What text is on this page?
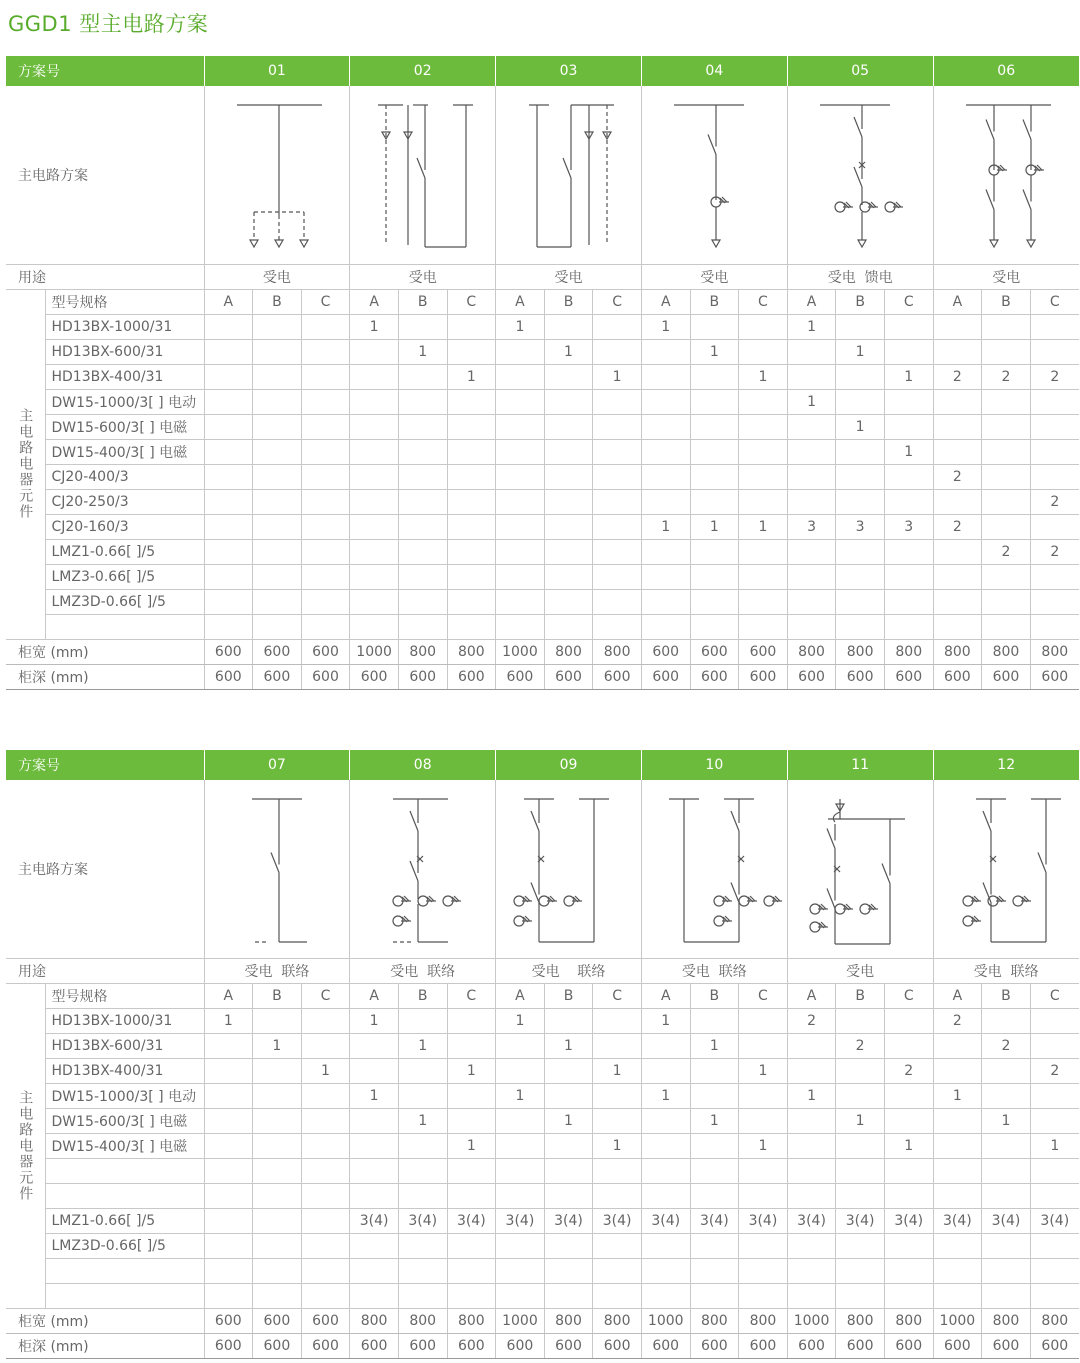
GGD1 型主电路方案
方案号		01			02			03			04			05			06		
主电路方案	

用途		受电			受电			受电			受电			受电  馈电			受电		
主电路电器元件	型号规格	A	B	C	A	B	C	A	B	C	A	B	C	A	B	C	A	B	C
	HD13BX-1000/31				1			1			1			1					
	HD13BX-600/31					1			1			1			1				
	HD13BX-400/31						1			1			1			1	2	2	2
	DW15-1000/3[ ] 电动													1					
	DW15-600/3[ ] 电磁														1				
	DW15-400/3[ ] 电磁															1			
	CJ20-400/3																2		
	CJ20-250/3																		2
	CJ20-160/3										1	1	1	3	3	3	2		
	LMZ1-0.66[ ]/5																	2	2
	LMZ3-0.66[ ]/5																		
	LMZ3D-0.66[ ]/5																		

柜宽 (mm)		600	600	600	1000	800	800	1000	800	800	600	600	600	800	800	800	800	800	800
柜深 (mm)		600	600	600	600	600	600	600	600	600	600	600	600	600	600	600	600	600	600
方案号		07			08			09			10			11			12		
主电路方案	

用途		受电  联络			受电  联络			受电    联络			受电  联络			受电			受电  联络		
主电路电器元件	型号规格	A	B	C	A	B	C	A	B	C	A	B	C	A	B	C	A	B	C
	HD13BX-1000/31	1			1			1			1			2			2		
	HD13BX-600/31		1			1			1			1			2			2	
	HD13BX-400/31			1			1			1			1			2			2
	DW15-1000/3[ ] 电动				1			1			1			1			1		
	DW15-600/3[ ] 电磁					1			1			1			1			1	
	DW15-400/3[ ] 电磁						1			1			1			1			1

	LMZ1-0.66[ ]/5				3(4)	3(4)	3(4)	3(4)	3(4)	3(4)	3(4)	3(4)	3(4)	3(4)	3(4)	3(4)	3(4)	3(4)	3(4)
	LMZ3D-0.66[ ]/5																		

柜宽 (mm)		600	600	600	800	800	800	1000	800	800	1000	800	800	1000	800	800	1000	800	800
柜深 (mm)		600	600	600	600	600	600	600	600	600	600	600	600	600	600	600	600	600	600
